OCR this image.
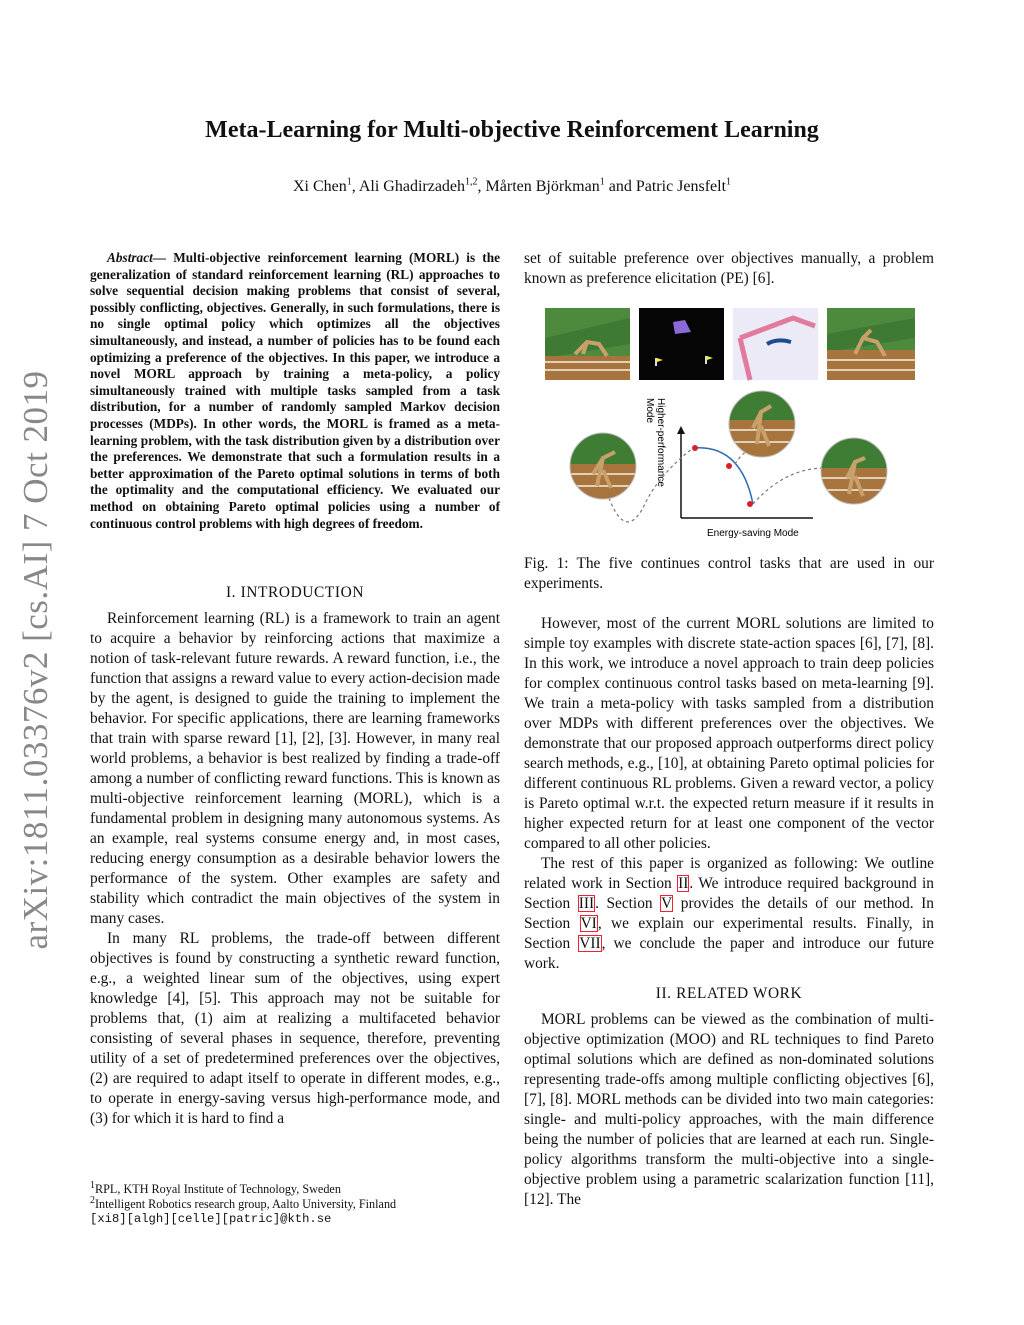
arXiv:1811.03376v2 [cs.AI] 7 Oct 2019
Meta-Learning for Multi-objective Reinforcement Learning
Xi Chen$^1$, Ali Ghadirzadeh$^{1,2}$, Mårten Björkman$^1$ and Patric Jensfelt$^1$
Abstract— Multi-objective reinforcement learning (MORL) is the generalization of standard reinforcement learning (RL) approaches to solve sequential decision making problems that consist of several, possibly conflicting, objectives. Generally, in such formulations, there is no single optimal policy which optimizes all the objectives simultaneously, and instead, a number of policies has to be found each optimizing a preference of the objectives. In this paper, we introduce a novel MORL approach by training a meta-policy, a policy simultaneously trained with multiple tasks sampled from a task distribution, for a number of randomly sampled Markov decision processes (MDPs). In other words, the MORL is framed as a meta-learning problem, with the task distribution given by a distribution over the preferences. We demonstrate that such a formulation results in a better approximation of the Pareto optimal solutions in terms of both the optimality and the computational efficiency. We evaluated our method on obtaining Pareto optimal policies using a number of continuous control problems with high degrees of freedom.

I. INTRODUCTION

Reinforcement learning (RL) is a framework to train an agent to acquire a behavior by reinforcing actions that maximize a notion of task-relevant future rewards. A reward function, i.e., the function that assigns a reward value to every action-decision made by the agent, is designed to guide the training to implement the behavior. For specific applications, there are learning frameworks that train with sparse reward [1], [2], [3]. However, in many real world problems, a behavior is best realized by finding a trade-off among a number of conflicting reward functions. This is known as multi-objective reinforcement learning (MORL), which is a fundamental problem in designing many autonomous systems. As an example, real systems consume energy and, in most cases, reducing energy consumption as a desirable behavior lowers the performance of the system. Other examples are safety and stability which contradict the main objectives of the system in many cases.

In many RL problems, the trade-off between different objectives is found by constructing a synthetic reward function, e.g., a weighted linear sum of the objectives, using expert knowledge [4], [5]. This approach may not be suitable for problems that, (1) aim at realizing a multifaceted behavior consisting of several phases in sequence, therefore, preventing utility of a set of predetermined preferences over the objectives, (2) are required to adapt itself to operate in different modes, e.g., to operate in energy-saving versus high-performance mode, and (3) for which it is hard to find a

$^1$RPL, KTH Royal Institute of Technology, Sweden
$^2$Intelligent Robotics research group, Aalto University, Finland
[xi8][algh][celle][patric]@kth.se

set of suitable preference over objectives manually, a problem known as preference elicitation (PE) [6].

Higher-performance
Mode
Energy-saving Mode
Fig. 1: The five continues control tasks that are used in our experiments.

However, most of the current MORL solutions are limited to simple toy examples with discrete state-action spaces [6], [7], [8]. In this work, we introduce a novel approach to train deep policies for complex continuous control tasks based on meta-learning [9]. We train a meta-policy with tasks sampled from a distribution over MDPs with different preferences over the objectives. We demonstrate that our proposed approach outperforms direct policy search methods, e.g., [10], at obtaining Pareto optimal policies for different continuous RL problems. Given a reward vector, a policy is Pareto optimal w.r.t. the expected return measure if it results in higher expected return for at least one component of the vector compared to all other policies.

The rest of this paper is organized as following: We outline related work in Section II. We introduce required background in Section III. Section V provides the details of our method. In Section VI, we explain our experimental results. Finally, in Section VII, we conclude the paper and introduce our future work.

II. RELATED WORK

MORL problems can be viewed as the combination of multi-objective optimization (MOO) and RL techniques to find Pareto optimal solutions which are defined as non-dominated solutions representing trade-offs among multiple conflicting objectives [6], [7], [8]. MORL methods can be divided into two main categories: single- and multi-policy approaches, with the main difference being the number of policies that are learned at each run. Single-policy algorithms transform the multi-objective into a single-objective problem using a parametric scalarization function [11], [12]. The
